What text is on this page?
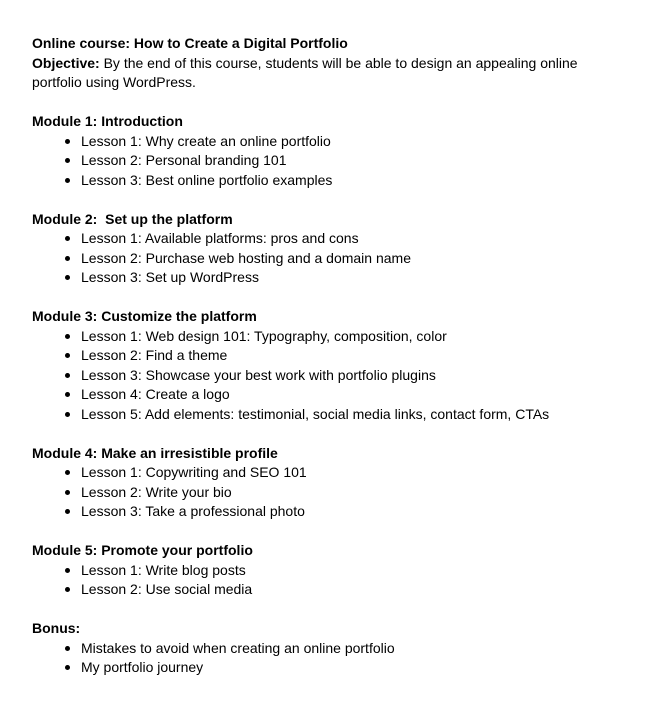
Online course: How to Create a Digital Portfolio
Objective: By the end of this course, students will be able to design an appealing online portfolio using WordPress.
Module 1: Introduction
Lesson 1: Why create an online portfolio
Lesson 2: Personal branding 101
Lesson 3: Best online portfolio examples
Module 2:  Set up the platform
Lesson 1: Available platforms: pros and cons
Lesson 2: Purchase web hosting and a domain name
Lesson 3: Set up WordPress
Module 3: Customize the platform
Lesson 1: Web design 101: Typography, composition, color
Lesson 2: Find a theme
Lesson 3: Showcase your best work with portfolio plugins
Lesson 4: Create a logo
Lesson 5: Add elements: testimonial, social media links, contact form, CTAs
Module 4: Make an irresistible profile
Lesson 1: Copywriting and SEO 101
Lesson 2: Write your bio
Lesson 3: Take a professional photo
Module 5: Promote your portfolio
Lesson 1: Write blog posts
Lesson 2: Use social media
Bonus:
Mistakes to avoid when creating an online portfolio
My portfolio journey
